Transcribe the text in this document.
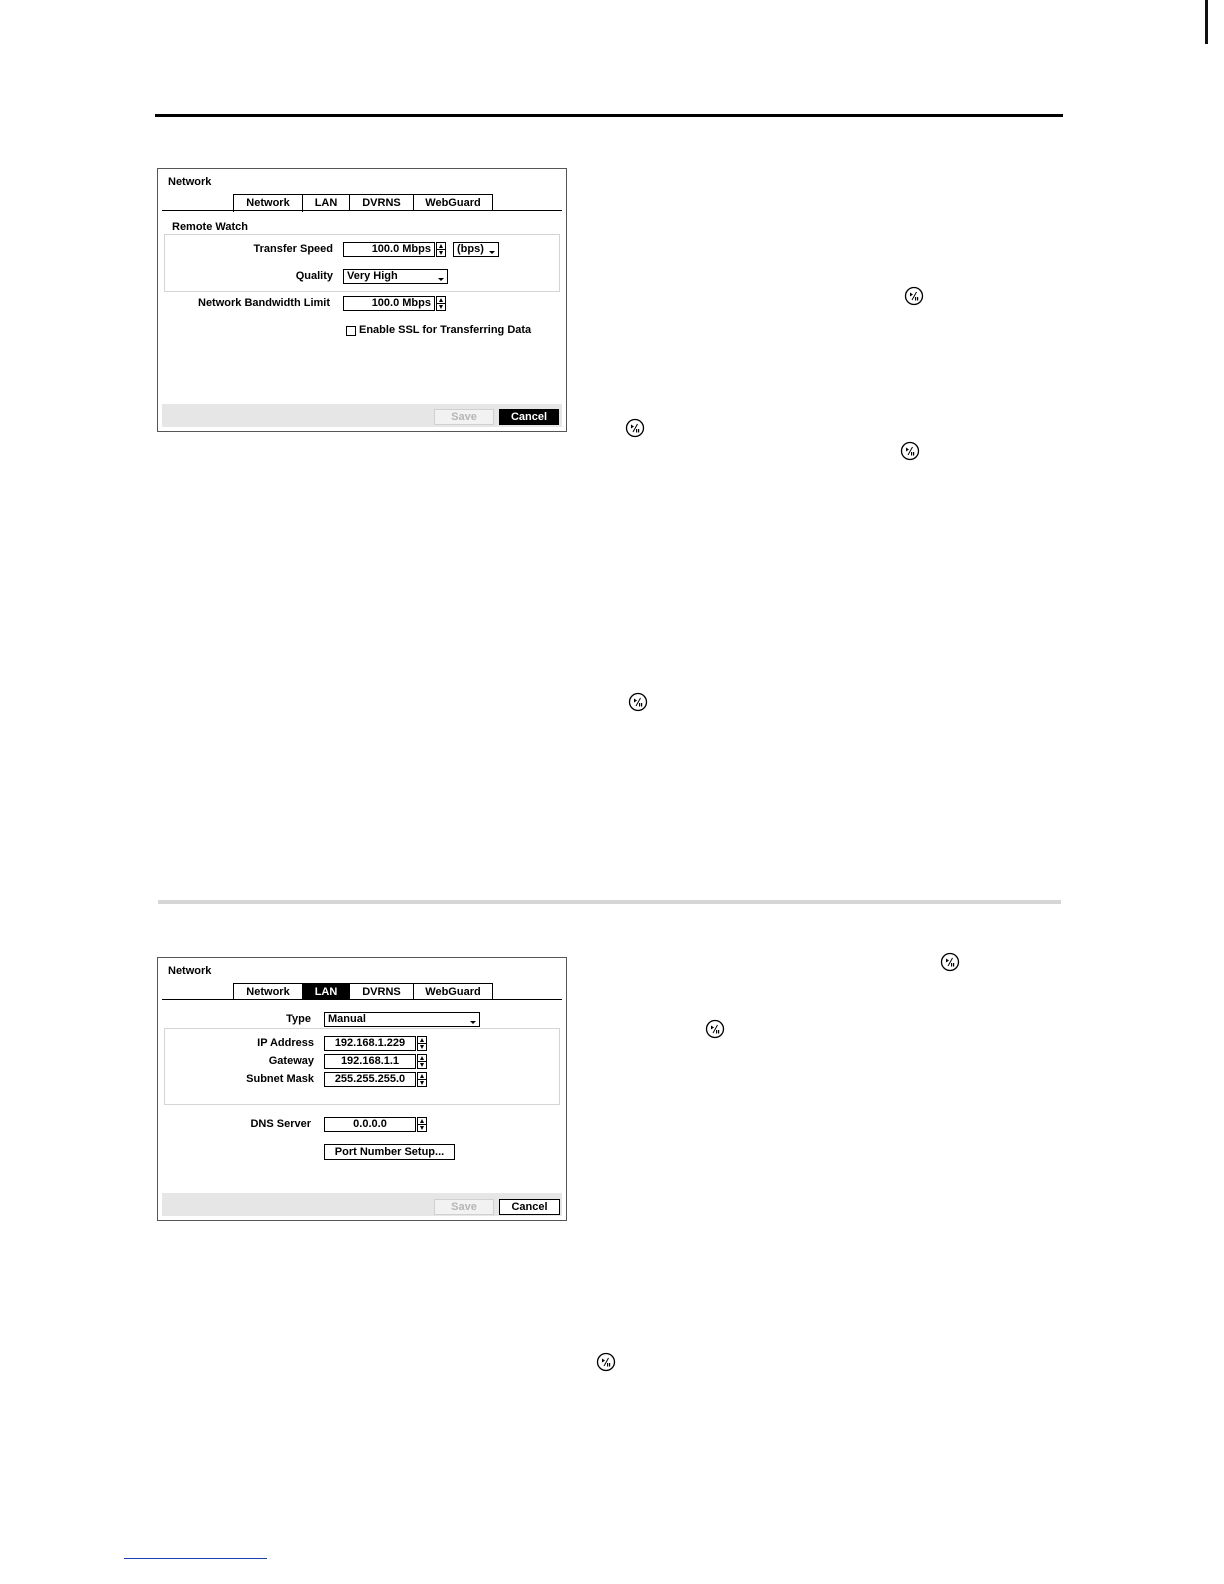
Network
Network	LAN	DVRNS	WebGuard
Remote Watch
Transfer Speed	100.0 Mbps	(bps)
Quality	Very High
Network Bandwidth Limit	100.0 Mbps
Enable SSL for Transferring Data
Save	Cancel
Network
Network	LAN	DVRNS	WebGuard
Type	Manual
IP Address	192.168.1.229
Gateway	192.168.1.1
Subnet Mask	255.255.255.0
DNS Server	0.0.0.0
Port Number Setup...
Save	Cancel
